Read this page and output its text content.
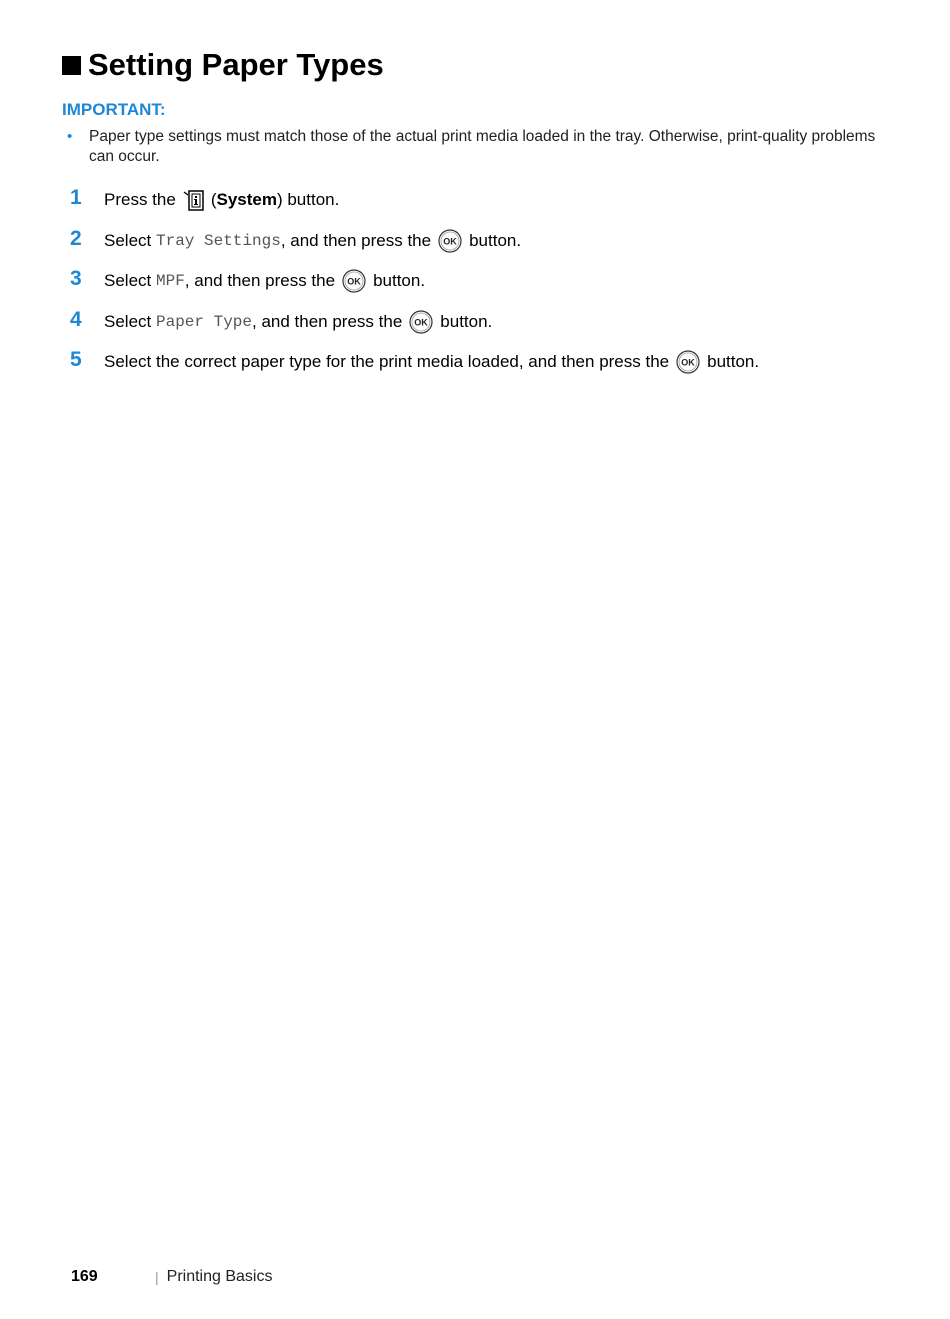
Setting Paper Types
IMPORTANT:
• Paper type settings must match those of the actual print media loaded in the tray. Otherwise, print-quality problems can occur.
1	Press the ( System ) button.
2	Select
Tray Settings , and then press the OK button.
3	Select
MPF , and then press the OK button.
4	Select
Paper Type , and then press the OK button.
5	Select the correct paper type for the print media loaded, and then press the OK button.
169	| Printing Basics
